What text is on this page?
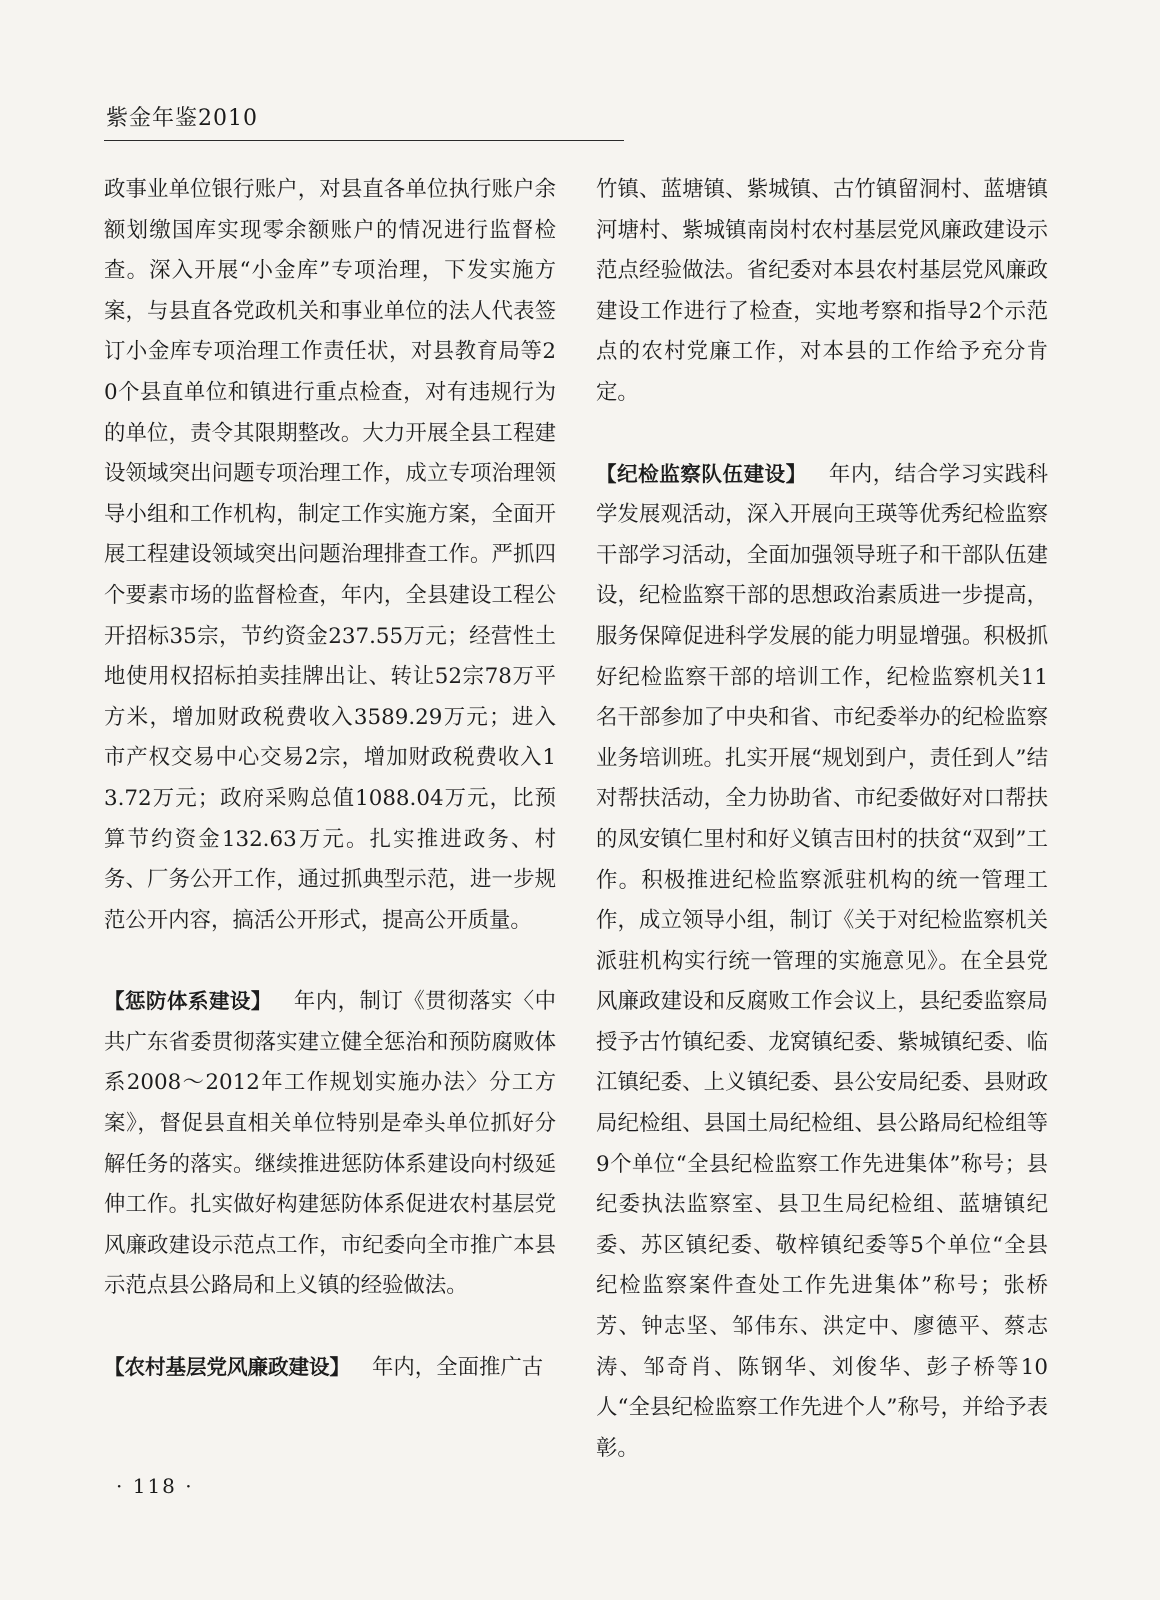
紫金年鉴2010

政事业单位银行账户，对县直各单位执行账户余额划缴国库实现零余额账户的情况进行监督检查。深入开展“小金库”专项治理，下发实施方案，与县直各党政机关和事业单位的法人代表签订小金库专项治理工作责任状，对县教育局等20个县直单位和镇进行重点检查，对有违规行为的单位，责令其限期整改。大力开展全县工程建设领域突出问题专项治理工作，成立专项治理领导小组和工作机构，制定工作实施方案，全面开展工程建设领域突出问题治理排查工作。严抓四个要素市场的监督检查，年内，全县建设工程公开招标35宗，节约资金237.55万元；经营性土地使用权招标拍卖挂牌出让、转让52宗78万平方米，增加财政税费收入3589.29万元；进入市产权交易中心交易2宗，增加财政税费收入13.72万元；政府采购总值1088.04万元，比预算节约资金132.63万元。扎实推进政务、村务、厂务公开工作，通过抓典型示范，进一步规范公开内容，搞活公开形式，提高公开质量。

【惩防体系建设】 年内，制订《贯彻落实〈中共广东省委贯彻落实建立健全惩治和预防腐败体系2008～2012年工作规划实施办法〉分工方案》，督促县直相关单位特别是牵头单位抓好分解任务的落实。继续推进惩防体系建设向村级延伸工作。扎实做好构建惩防体系促进农村基层党风廉政建设示范点工作，市纪委向全市推广本县示范点县公路局和上义镇的经验做法。

【农村基层党风廉政建设】 年内，全面推广古

竹镇、蓝塘镇、紫城镇、古竹镇留洞村、蓝塘镇河塘村、紫城镇南岗村农村基层党风廉政建设示范点经验做法。省纪委对本县农村基层党风廉政建设工作进行了检查，实地考察和指导2个示范点的农村党廉工作，对本县的工作给予充分肯定。

【纪检监察队伍建设】 年内，结合学习实践科学发展观活动，深入开展向王瑛等优秀纪检监察干部学习活动，全面加强领导班子和干部队伍建设，纪检监察干部的思想政治素质进一步提高，服务保障促进科学发展的能力明显增强。积极抓好纪检监察干部的培训工作，纪检监察机关11名干部参加了中央和省、市纪委举办的纪检监察业务培训班。扎实开展“规划到户，责任到人”结对帮扶活动，全力协助省、市纪委做好对口帮扶的凤安镇仁里村和好义镇吉田村的扶贫“双到”工作。积极推进纪检监察派驻机构的统一管理工作，成立领导小组，制订《关于对纪检监察机关派驻机构实行统一管理的实施意见》。在全县党风廉政建设和反腐败工作会议上，县纪委监察局授予古竹镇纪委、龙窝镇纪委、紫城镇纪委、临江镇纪委、上义镇纪委、县公安局纪委、县财政局纪检组、县国土局纪检组、县公路局纪检组等9个单位“全县纪检监察工作先进集体”称号；县纪委执法监察室、县卫生局纪检组、蓝塘镇纪委、苏区镇纪委、敬梓镇纪委等5个单位“全县纪检监察案件查处工作先进集体”称号；张桥芳、钟志坚、邹伟东、洪定中、廖德平、蔡志涛、邹奇肖、陈钢华、刘俊华、彭子桥等10人“全县纪检监察工作先进个人”称号，并给予表彰。

· 118 ·
